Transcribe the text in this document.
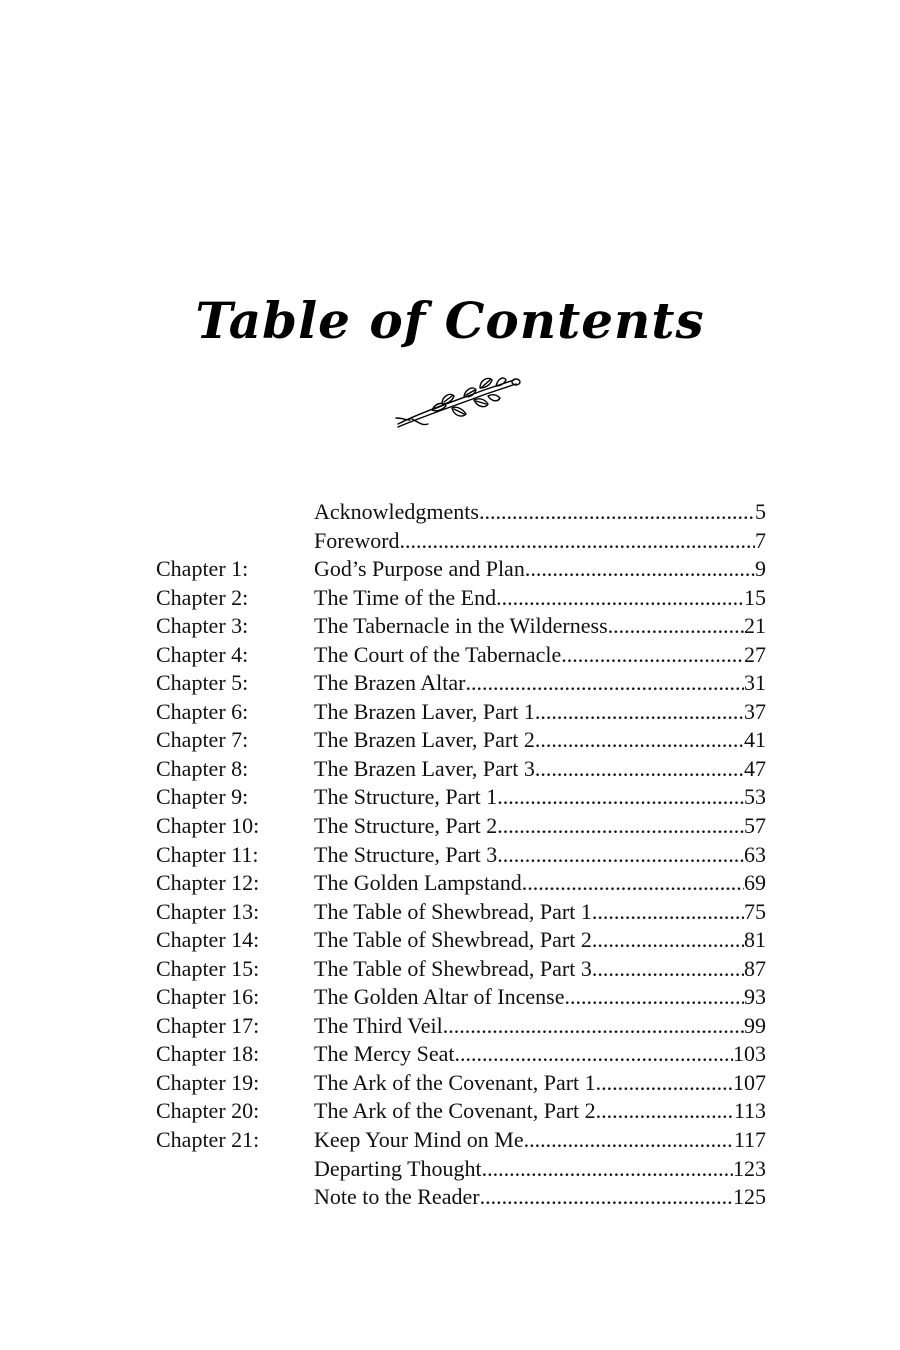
Table of Contents
Acknowledgments .....	5
Foreword .....	7
Chapter 1:	God’s Purpose and Plan .....	9
Chapter 2:	The Time of the End .....	15
Chapter 3:	The Tabernacle in the Wilderness .....	21
Chapter 4:	The Court of the Tabernacle .....	27
Chapter 5:	The Brazen Altar .....	31
Chapter 6:	The Brazen Laver, Part 1 .....	37
Chapter 7:	The Brazen Laver, Part 2 .....	41
Chapter 8:	The Brazen Laver, Part 3 .....	47
Chapter 9:	The Structure, Part 1 .....	53
Chapter 10: The Structure, Part 2 .....	57
Chapter 11:	The Structure, Part 3 .....	63
Chapter 12: The Golden Lampstand .....	69
Chapter 13: The Table of Shewbread, Part 1 .....	75
Chapter 14: The Table of Shewbread, Part 2 .....	81
Chapter 15: The Table of Shewbread, Part 3 .....	87
Chapter 16: The Golden Altar of Incense .....	93
Chapter 17: The Third Veil .....	99
Chapter 18: The Mercy Seat .....	103
Chapter 19: The Ark of the Covenant, Part 1 .....	107
Chapter 20: The Ark of the Covenant, Part 2 .....	113
Chapter 21: Keep Your Mind on Me .....	117
Departing Thought .....	123
Note to the Reader .....	125
